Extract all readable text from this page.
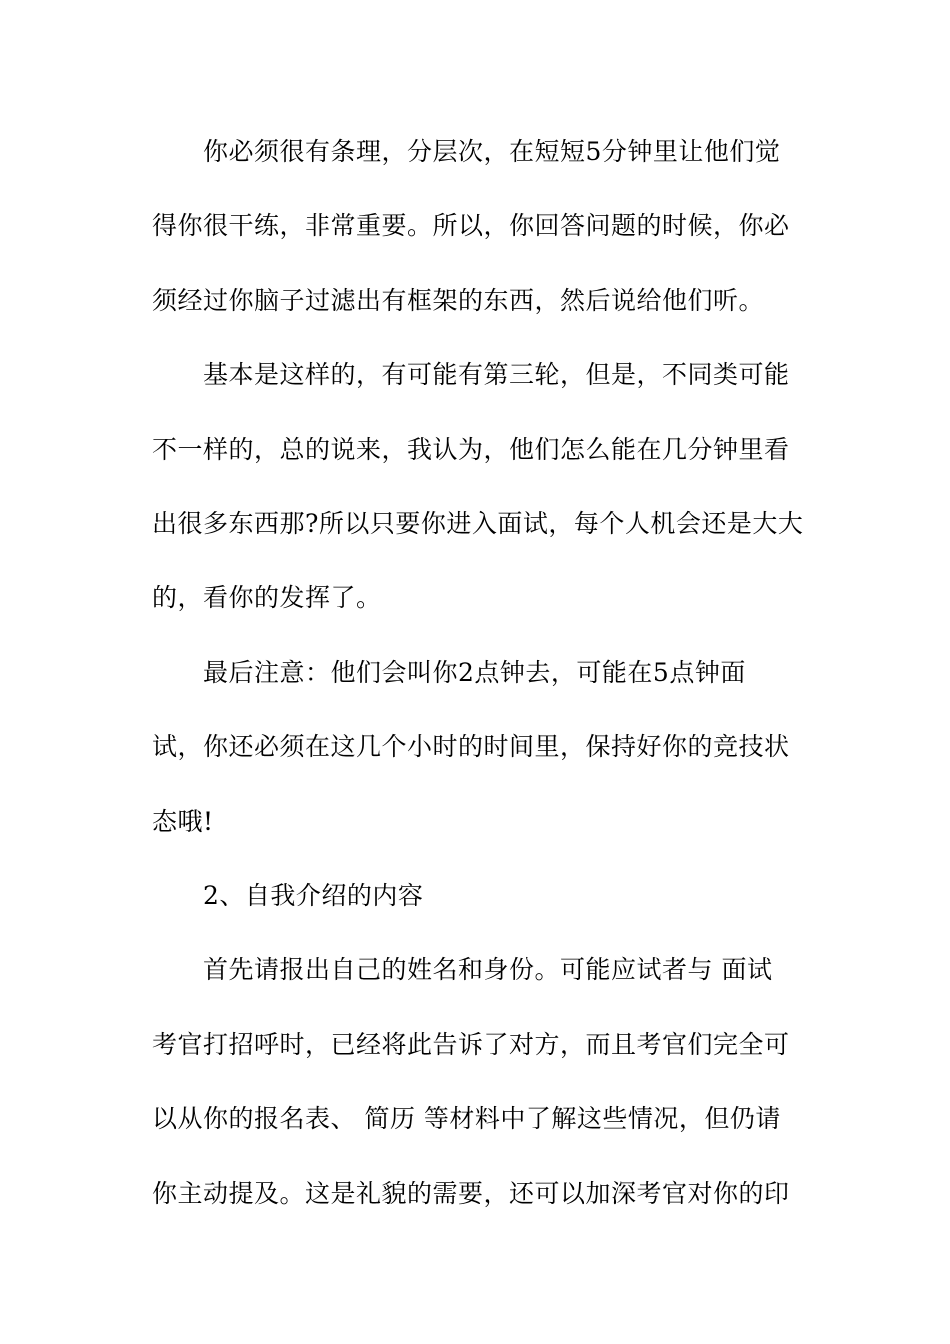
你必须很有条理，分层次，在短短5分钟里让他们觉
得你很干练，非常重要。所以，你回答问题的时候，你必
须经过你脑子过滤出有框架的东西，然后说给他们听。
基本是这样的，有可能有第三轮，但是，不同类可能
不一样的，总的说来，我认为，他们怎么能在几分钟里看
出很多东西那?所以只要你进入面试，每个人机会还是大大
的，看你的发挥了。
最后注意：他们会叫你2点钟去，可能在5点钟面
试，你还必须在这几个小时的时间里，保持好你的竞技状
态哦!
2、自我介绍的内容
首先请报出自己的姓名和身份。可能应试者与 面试
考官打招呼时，已经将此告诉了对方，而且考官们完全可
以从你的报名表、 简历 等材料中了解这些情况，但仍请
你主动提及。这是礼貌的需要，还可以加深考官对你的印
